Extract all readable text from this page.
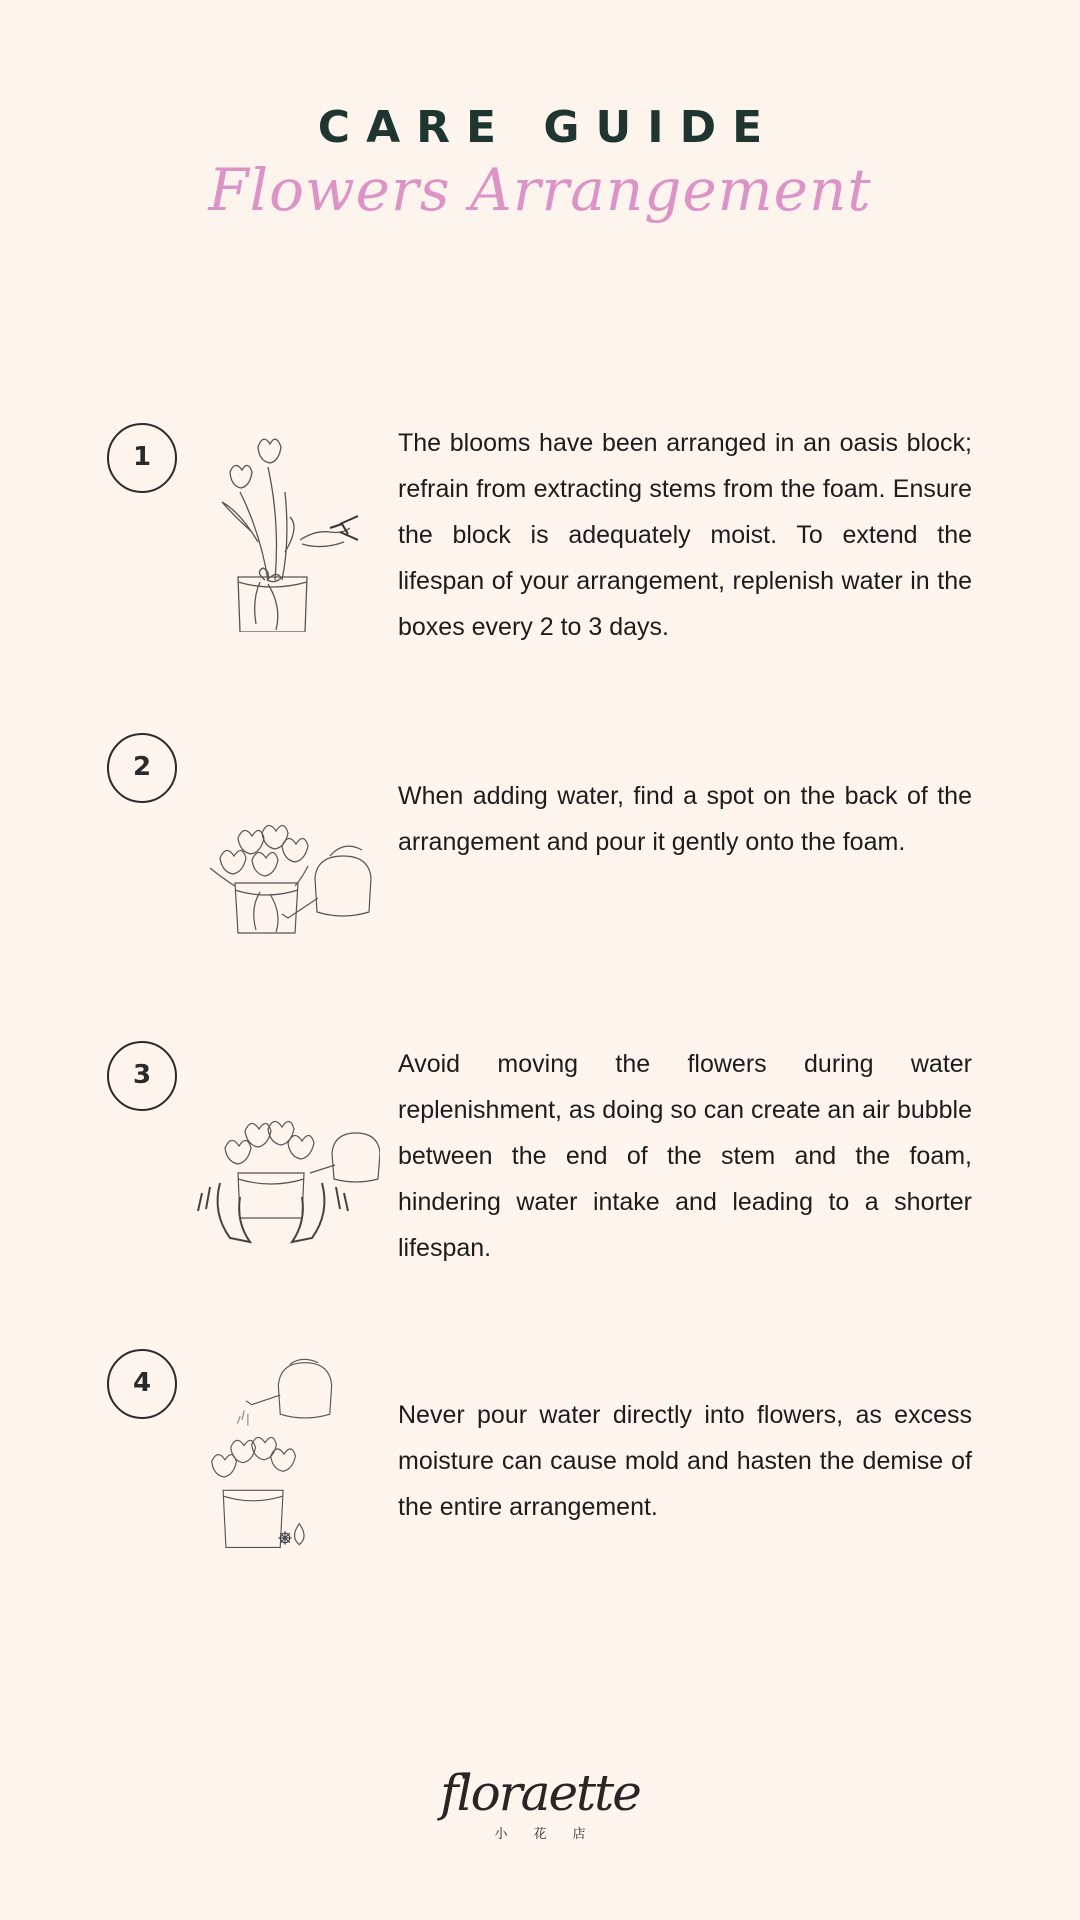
CARE GUIDE
Flowers Arrangement
1	The blooms have been arranged in an oasis block; refrain from extracting stems from the foam. Ensure the block is adequately moist. To extend the lifespan of your arrangement, replenish water in the boxes every 2 to 3 days.
2
When adding water, find a spot on the back of the arrangement and pour it gently onto the foam.
3	Avoid moving the flowers during water replenishment, as doing so can create an air bubble between the end of the stem and the foam, hindering water intake and leading to a shorter lifespan.
4
Never pour water directly into flowers, as excess moisture can cause mold and hasten the demise of the entire arrangement.
floraette
小花店
